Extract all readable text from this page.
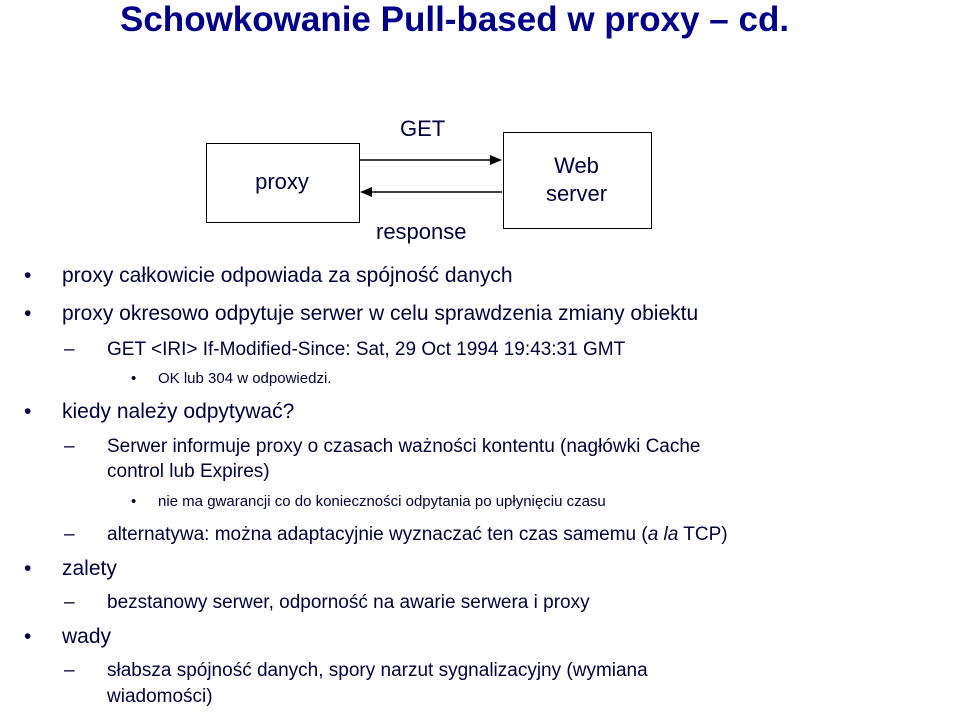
Schowkowanie Pull-based w proxy – cd.
proxy
Web
server
GET
response
• proxy całkowicie odpowiada za spójność danych
• proxy okresowo odpytuje serwer w celu sprawdzenia zmiany obiektu
– GET <IRI> If-Modified-Since: Sat, 29 Oct 1994 19:43:31 GMT
• OK lub 304 w odpowiedzi.
• kiedy należy odpytywać?
– Serwer informuje proxy o czasach ważności kontentu (nagłówki Cache
control lub Expires)
• nie ma gwarancji co do konieczności odpytania po upłynięciu czasu
– alternatywa: można adaptacyjnie wyznaczać ten czas samemu (a la TCP)
• zalety
– bezstanowy serwer, odporność na awarie serwera i proxy
• wady
– słabsza spójność danych, spory narzut sygnalizacyjny (wymiana
wiadomości)
